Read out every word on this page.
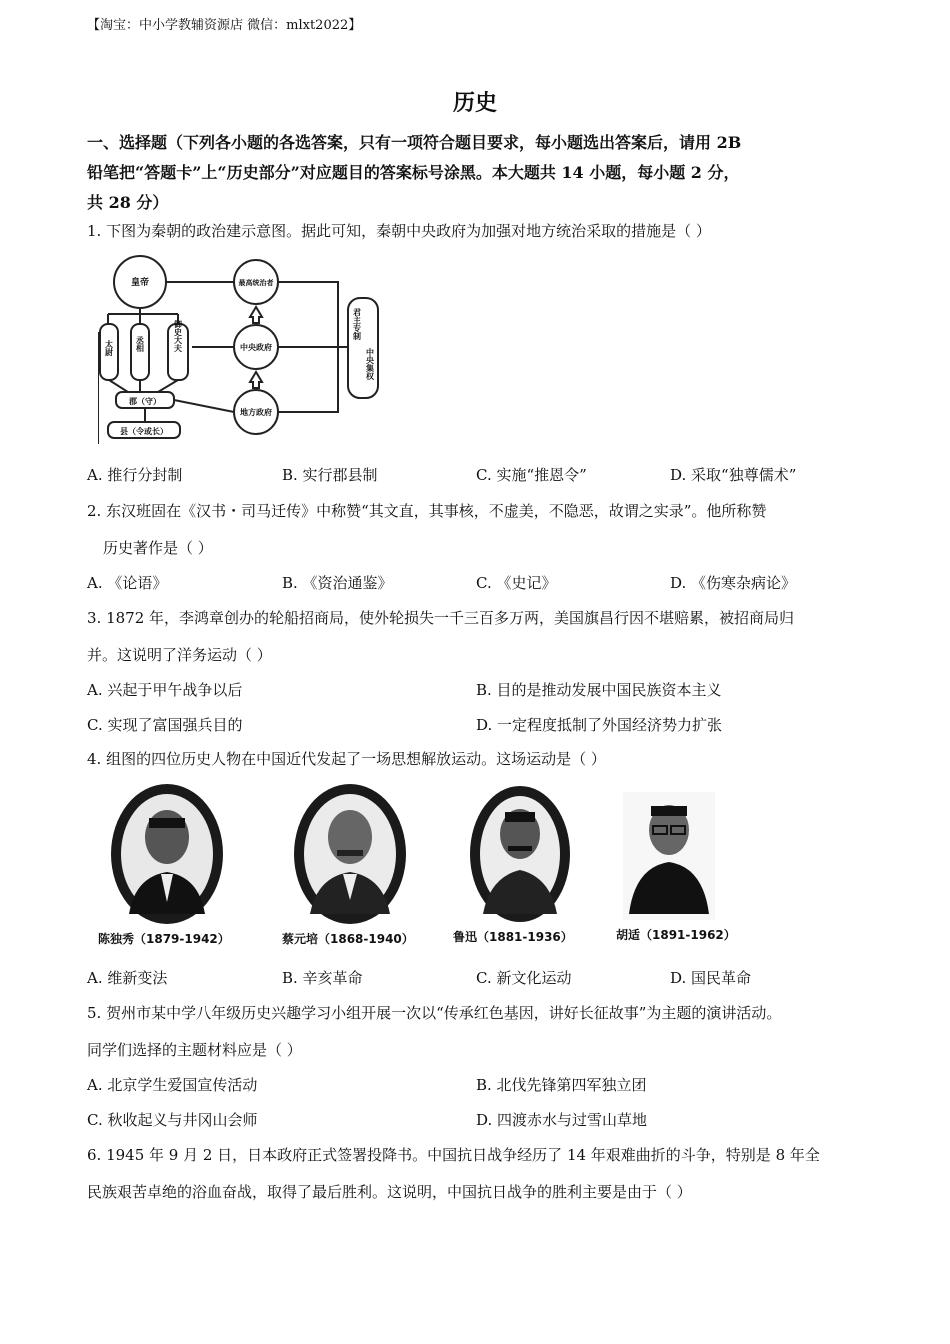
【淘宝：中小学教辅资源店 微信：mlxt2022】
历史
一、选择题（下列各小题的各选答案，只有一项符合题目要求，每小题选出答案后，请用 2B
铅笔把“答题卡”上“历史部分”对应题目的答案标号涂黑。本大题共 14 小题，每小题 2 分，
共 28 分）
1. 下图为秦朝的政治建示意图。据此可知，秦朝中央政府为加强对地方统治采取的措施是（ ）
皇帝	最高统治者
中央政府
地方政府
郡（守）
县（令或长）
太尉	丞相	御史大夫	君主专制
中央集权
A. 推行分封制	B. 实行郡县制	C. 实施“推恩令”	D. 采取“独尊儒术”
2. 东汉班固在《汉书・司马迁传》中称赞“其文直，其事核，不虚美，不隐恶，故谓之实录”。他所称赞
历史著作是（ ）
A. 《论语》	B. 《资治通鉴》	C. 《史记》	D. 《伤寒杂病论》
3. 1872 年，李鸿章创办的轮船招商局，使外轮损失一千三百多万两，美国旗昌行因不堪赔累，被招商局归
并。这说明了洋务运动（ ）
A. 兴起于甲午战争以后	B. 目的是推动发展中国民族资本主义
C. 实现了富国强兵目的	D. 一定程度抵制了外国经济势力扩张
4. 组图的四位历史人物在中国近代发起了一场思想解放运动。这场运动是（ ）
陈独秀（1879-1942）	蔡元培（1868-1940）	鲁迅（1881-1936）	胡适（1891-1962）
A. 维新变法	B. 辛亥革命	C. 新文化运动	D. 国民革命
5. 贺州市某中学八年级历史兴趣学习小组开展一次以“传承红色基因，讲好长征故事”为主题的演讲活动。
同学们选择的主题材料应是（ ）
A. 北京学生爱国宣传活动	B. 北伐先锋第四军独立团
C. 秋收起义与井冈山会师	D. 四渡赤水与过雪山草地
6. 1945 年 9 月 2 日，日本政府正式签署投降书。中国抗日战争经历了 14 年艰难曲折的斗争，特别是 8 年全
民族艰苦卓绝的浴血奋战，取得了最后胜利。这说明，中国抗日战争的胜利主要是由于（ ）
